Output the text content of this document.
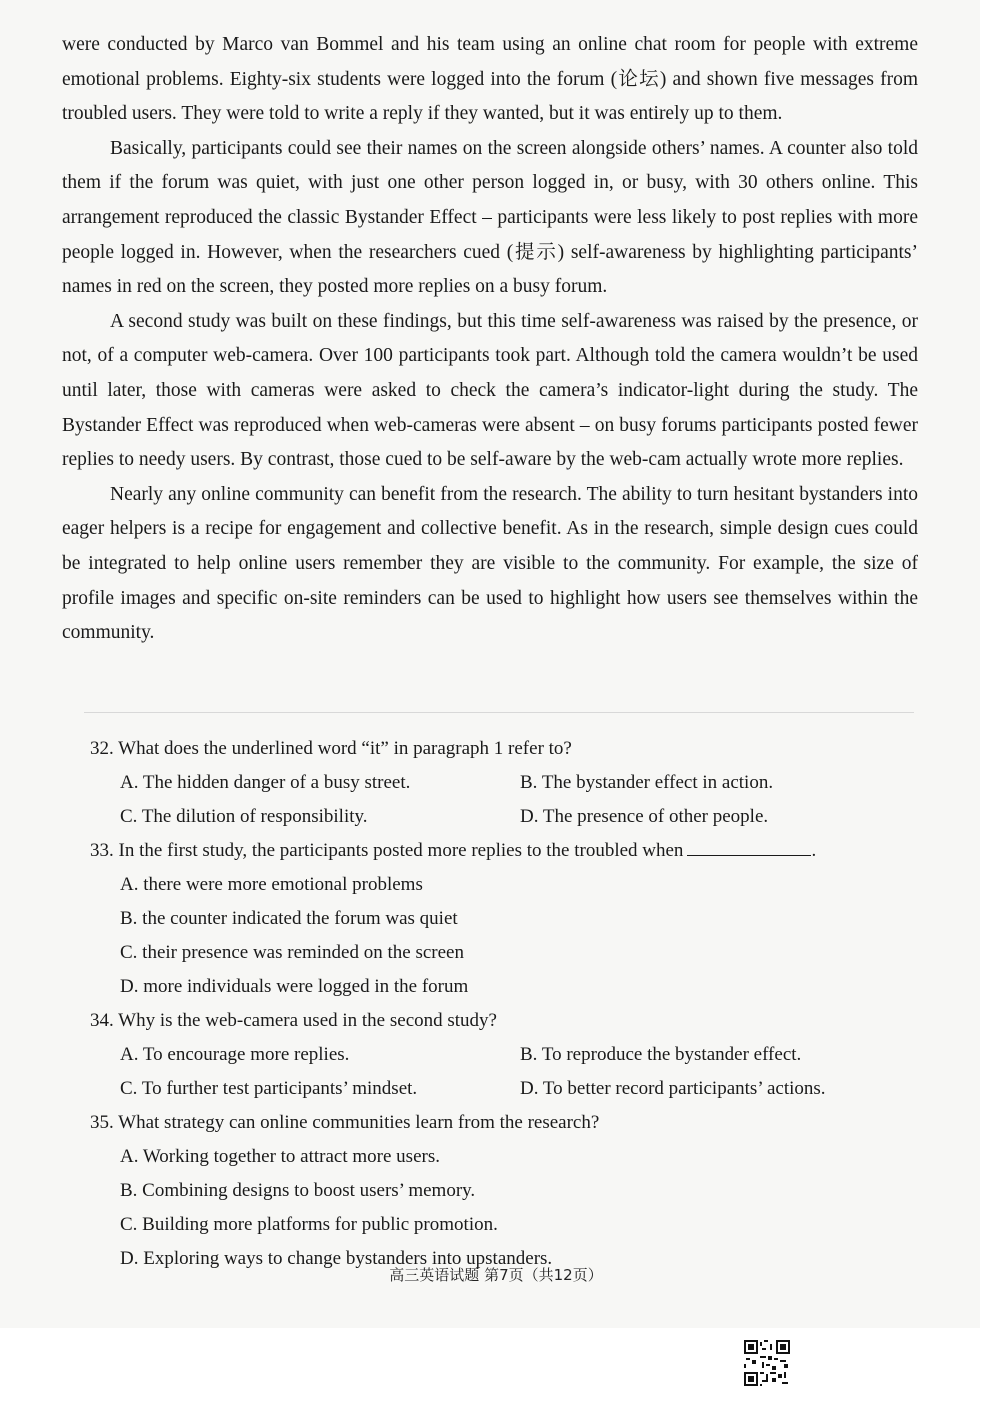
were conducted by Marco van Bommel and his team using an online chat room for people with extreme emotional problems. Eighty-six students were logged into the forum (论坛) and shown five messages from troubled users. They were told to write a reply if they wanted, but it was entirely up to them.

Basically, participants could see their names on the screen alongside others’ names. A counter also told them if the forum was quiet, with just one other person logged in, or busy, with 30 others online. This arrangement reproduced the classic Bystander Effect – participants were less likely to post replies with more people logged in. However, when the researchers cued (提示) self-awareness by highlighting participants’ names in red on the screen, they posted more replies on a busy forum.

A second study was built on these findings, but this time self-awareness was raised by the presence, or not, of a computer web-camera. Over 100 participants took part. Although told the camera wouldn’t be used until later, those with cameras were asked to check the camera’s indicator-light during the study. The Bystander Effect was reproduced when web-cameras were absent – on busy forums participants posted fewer replies to needy users. By contrast, those cued to be self-aware by the web-cam actually wrote more replies.

Nearly any online community can benefit from the research. The ability to turn hesitant bystanders into eager helpers is a recipe for engagement and collective benefit. As in the research, simple design cues could be integrated to help online users remember they are visible to the community. For example, the size of profile images and specific on-site reminders can be used to highlight how users see themselves within the community.

32. What does the underlined word “it” in paragraph 1 refer to?

A. The hidden danger of a busy street.	B. The bystander effect in action.
C. The dilution of responsibility.	D. The presence of other people.

33. In the first study, the participants posted more replies to the troubled when	.

A. there were more emotional problems
B. the counter indicated the forum was quiet
C. their presence was reminded on the screen
D. more individuals were logged in the forum

34. Why is the web-camera used in the second study?

A. To encourage more replies.	B. To reproduce the bystander effect.
C. To further test participants’ mindset.	D. To better record participants’ actions.

35. What strategy can online communities learn from the research?

A. Working together to attract more users.
B. Combining designs to boost users’ memory.
C. Building more platforms for public promotion.
D. Exploring ways to change bystanders into upstanders.
高三英语试题 第7页（共12页）
